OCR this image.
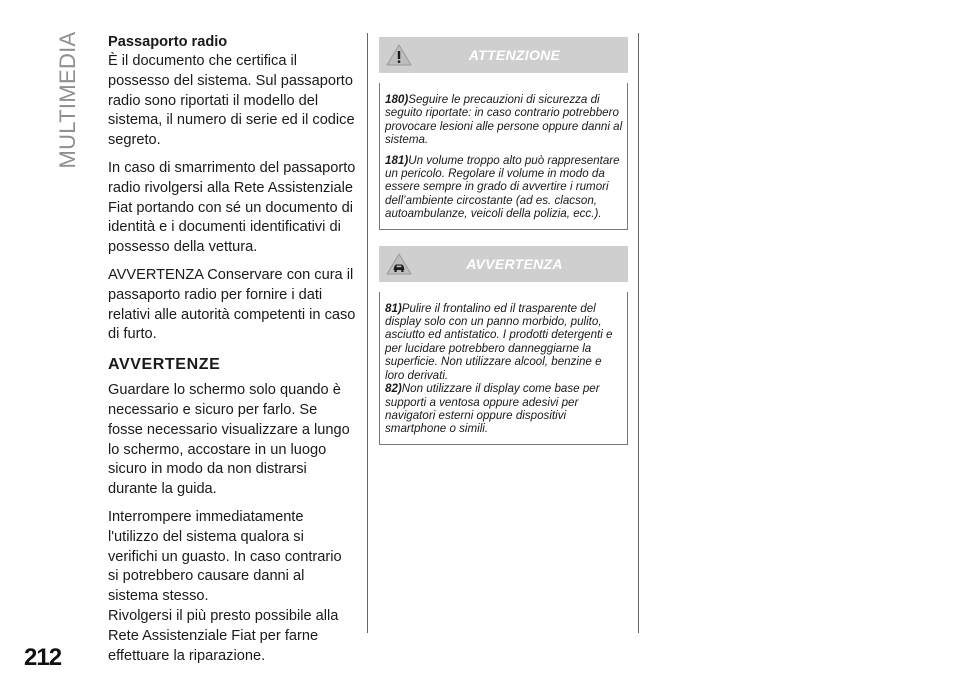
MULTIMEDIA Passaporto radio

È il documento che certifica il possesso del sistema. Sul passaporto radio sono riportati il modello del sistema, il numero di serie ed il codice segreto.

In caso di smarrimento del passaporto radio rivolgersi alla Rete Assistenziale Fiat portando con sé un documento di identità e i documenti identificativi di possesso della vettura.

AVVERTENZA Conservare con cura il passaporto radio per fornire i dati relativi alle autorità competenti in caso di furto.

AVVERTENZE

Guardare lo schermo solo quando è necessario e sicuro per farlo. Se fosse necessario visualizzare a lungo lo schermo, accostare in un luogo sicuro in modo da non distrarsi durante la guida.

Interrompere immediatamente l'utilizzo del sistema qualora si verifichi un guasto. In caso contrario si potrebbero causare danni al sistema stesso.

Rivolgersi il più presto possibile alla Rete Assistenziale Fiat per farne effettuare la riparazione.

ATTENZIONE

180)Seguire le precauzioni di sicurezza di seguito riportate: in caso contrario potrebbero provocare lesioni alle persone oppure danni al sistema.

181)Un volume troppo alto può rappresentare un pericolo. Regolare il volume in modo da essere sempre in grado di avvertire i rumori dell’ambiente circostante (ad es. clacson, autoambulanze, veicoli della polizia, ecc.).

AVVERTENZA

81)Pulire il frontalino ed il trasparente del display solo con un panno morbido, pulito, asciutto ed antistatico. I prodotti detergenti e per lucidare potrebbero danneggiarne la superficie. Non utilizzare alcool, benzine e loro derivati.

82)Non utilizzare il display come base per supporti a ventosa oppure adesivi per navigatori esterni oppure dispositivi smartphone o simili.

212
